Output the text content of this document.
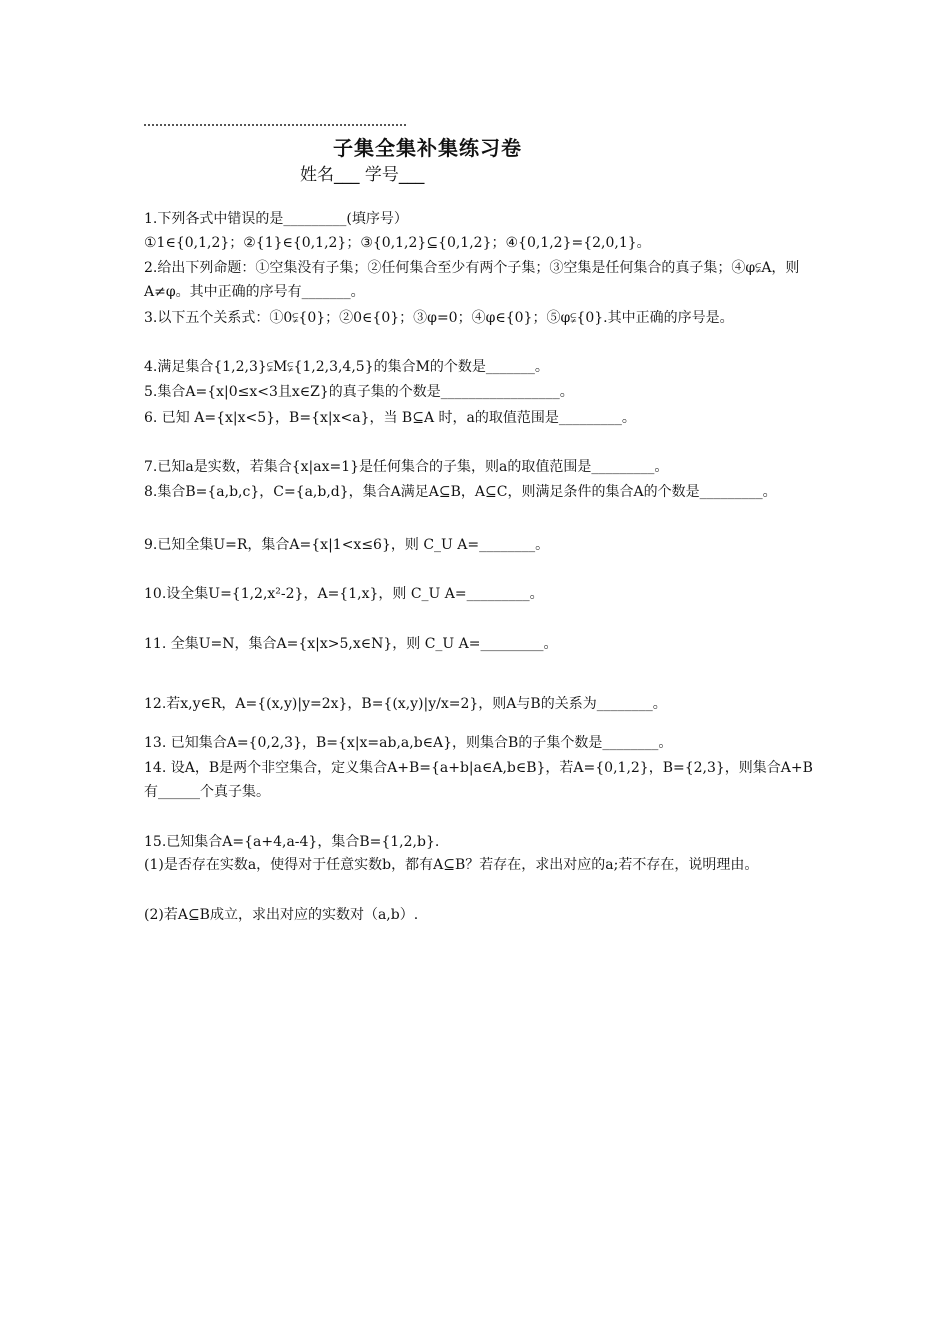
子集全集补集练习卷
姓名___ 学号___
1.下列各式中错误的是_________(填序号）
①1∈{0,1,2}；②{1}∈{0,1,2}；③{0,1,2}⊆{0,1,2}；④{0,1,2}={2,0,1}。
2.给出下列命题：①空集没有子集；②任何集合至少有两个子集；③空集是任何集合的真子集；④φ⫋A，则A≠φ。其中正确的序号有_______。
3.以下五个关系式：①0⫋{0}；②0∈{0}；③φ=0；④φ∈{0}；⑤φ⫋{0}.其中正确的序号是。
4.满足集合{1,2,3}⫋M⫋{1,2,3,4,5}的集合M的个数是_______。
5.集合A={x|0≤x<3且x∈Z}的真子集的个数是_________________。
6. 已知 A={x|x<5}，B={x|x<a}，当 B⊆A 时，a的取值范围是_________。
7.已知a是实数，若集合{x|ax=1}是任何集合的子集，则a的取值范围是_________。
8.集合B={a,b,c}，C={a,b,d}，集合A满足A⊆B，A⊆C，则满足条件的集合A的个数是_________。
9.已知全集U=R，集合A={x|1<x≤6}，则 C_U A=________。
10.设全集U={1,2,x²-2}，A={1,x}，则 C_U A=_________。
11. 全集U=N，集合A={x|x>5,x∈N}，则 C_U A=_________。
12.若x,y∈R，A={(x,y)|y=2x}，B={(x,y)|y/x=2}，则A与B的关系为________。
13. 已知集合A={0,2,3}，B={x|x=ab,a,b∈A}，则集合B的子集个数是________。
14. 设A，B是两个非空集合，定义集合A+B={a+b|a∈A,b∈B}，若A={0,1,2}，B={2,3}，则集合A+B有______个真子集。
15.已知集合A={a+4,a-4}，集合B={1,2,b}.
(1)是否存在实数a，使得对于任意实数b，都有A⊆B？若存在，求出对应的a;若不存在，说明理由。
(2)若A⊆B成立，求出对应的实数对（a,b）.
